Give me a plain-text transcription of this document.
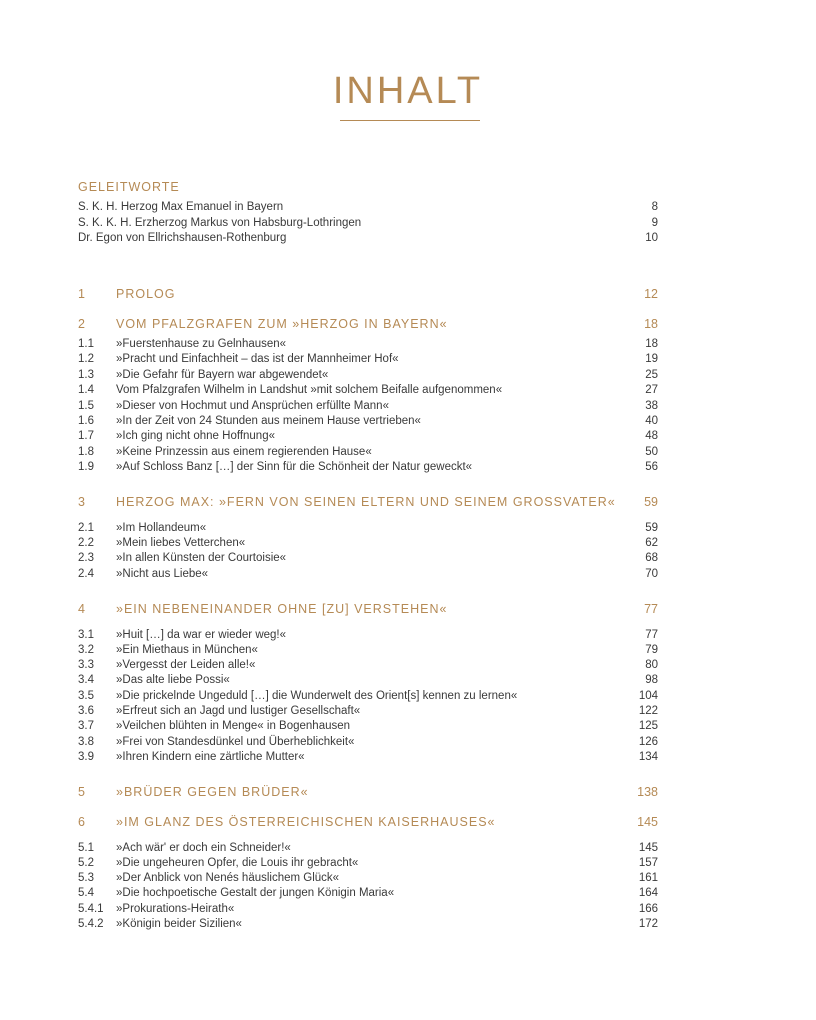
INHALT
GELEITWORTE
S. K. H. Herzog Max Emanuel in Bayern	8
S. K. K. H. Erzherzog Markus von Habsburg-Lothringen	9
Dr. Egon von Ellrichshausen-Rothenburg	10
1 PROLOG	12
2 VOM PFALZGRAFEN ZUM »HERZOG IN BAYERN«	18
1.1 »Fuerstenhause zu Gelnhausen«	18
1.2 »Pracht und Einfachheit – das ist der Mannheimer Hof«	19
1.3 »Die Gefahr für Bayern war abgewendet«	25
1.4 Vom Pfalzgrafen Wilhelm in Landshut »mit solchem Beifalle aufgenommen«	27
1.5 »Dieser von Hochmut und Ansprüchen erfüllte Mann«	38
1.6 »In der Zeit von 24 Stunden aus meinem Hause vertrieben«	40
1.7 »Ich ging nicht ohne Hoffnung«	48
1.8 »Keine Prinzessin aus einem regierenden Hause«	50
1.9 »Auf Schloss Banz […] der Sinn für die Schönheit der Natur geweckt«	56
3 HERZOG MAX: »FERN VON SEINEN ELTERN UND SEINEM GROSSVATER« 59
2.1 »Im Hollandeum«	59
2.2 »Mein liebes Vetterchen«	62
2.3 »In allen Künsten der Courtoisie«	68
2.4 »Nicht aus Liebe«	70
4 »EIN NEBENEINANDER OHNE [ZU] VERSTEHEN«	77
3.1 »Huit […] da war er wieder weg!«	77
3.2 »Ein Miethaus in München«	79
3.3 »Vergesst der Leiden alle!«	80
3.4 »Das alte liebe Possi«	98
3.5 »Die prickelnde Ungeduld […] die Wunderwelt des Orient[s] kennen zu lernen«	104
3.6 »Erfreut sich an Jagd und lustiger Gesellschaft«	122
3.7 »Veilchen blühten in Menge« in Bogenhausen	125
3.8 »Frei von Standesdünkel und Überheblichkeit«	126
3.9 »Ihren Kindern eine zärtliche Mutter«	134
5 »BRÜDER GEGEN BRÜDER«	138
6 »IM GLANZ DES ÖSTERREICHISCHEN KAISERHAUSES«	145
5.1 »Ach wär' er doch ein Schneider!«	145
5.2 »Die ungeheuren Opfer, die Louis ihr gebracht«	157
5.3 »Der Anblick von Nenés häuslichem Glück«	161
5.4 »Die hochpoetische Gestalt der jungen Königin Maria«	164
5.4.1 »Prokurations-Heirath«	166
5.4.2 »Königin beider Sizilien«	172
